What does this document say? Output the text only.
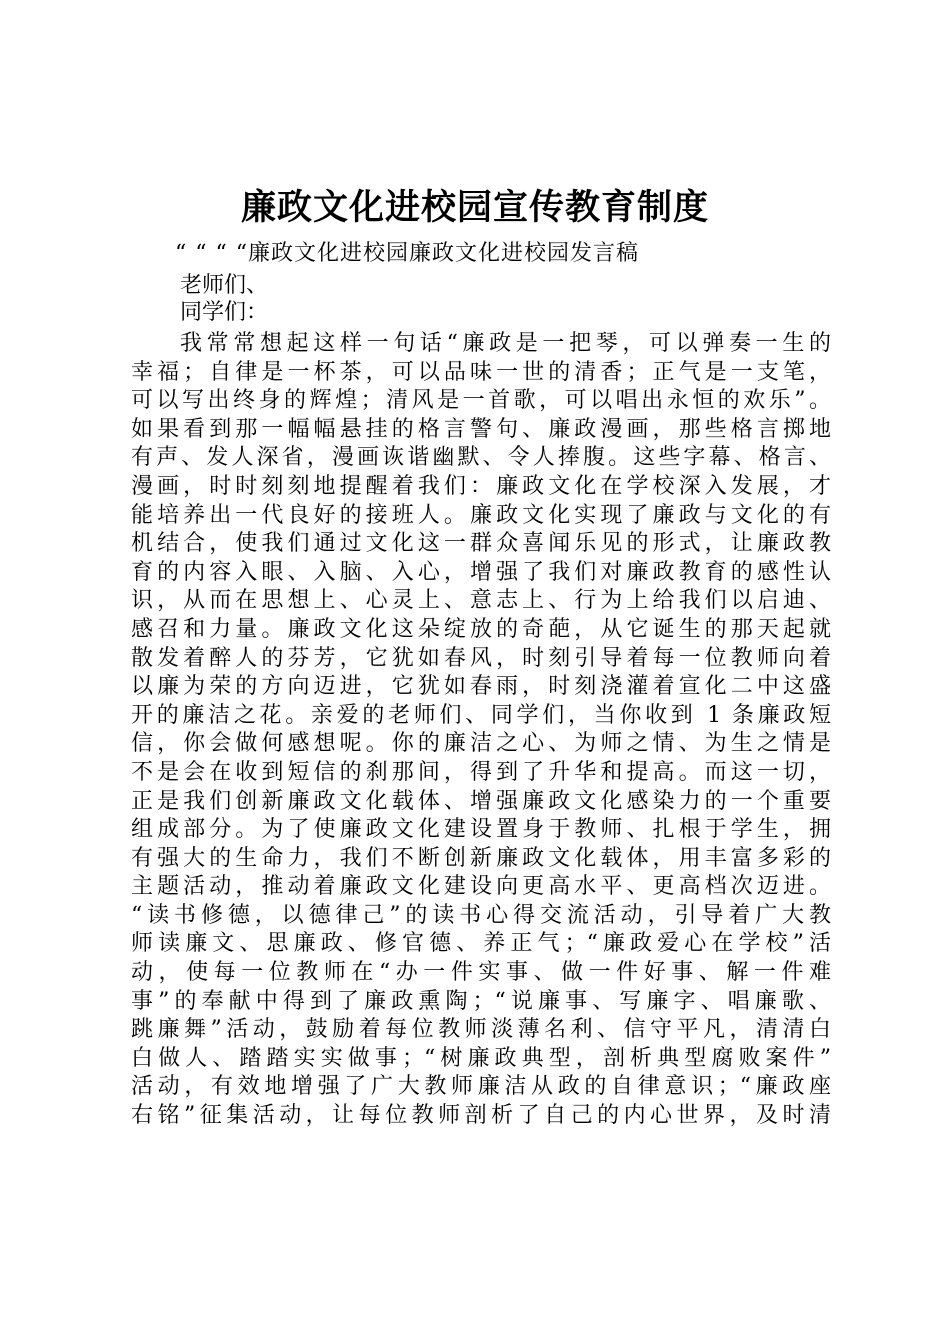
廉政文化进校园宣传教育制度

“ “ “ “廉政文化进校园廉政文化进校园发言稿

老师们、

同学们：

我常常想起这样一句话“廉政是一把琴，可以弹奏一生的
幸福；自律是一杯茶，可以品味一世的清香；正气是一支笔，
可以写出终身的辉煌；清风是一首歌，可以唱出永恒的欢乐”。
如果看到那一幅幅悬挂的格言警句、廉政漫画，那些格言掷地
有声、发人深省，漫画诙谐幽默、令人捧腹。这些字幕、格言、
漫画，时时刻刻地提醒着我们：廉政文化在学校深入发展，才
能培养出一代良好的接班人。廉政文化实现了廉政与文化的有
机结合，使我们通过文化这一群众喜闻乐见的形式，让廉政教
育的内容入眼、入脑、入心，增强了我们对廉政教育的感性认
识，从而在思想上、心灵上、意志上、行为上给我们以启迪、
感召和力量。廉政文化这朵绽放的奇葩，从它诞生的那天起就
散发着醉人的芬芳，它犹如春风，时刻引导着每一位教师向着
以廉为荣的方向迈进，它犹如春雨，时刻浇灌着宣化二中这盛
开的廉洁之花。亲爱的老师们、同学们，当你收到 1 条廉政短
信，你会做何感想呢。你的廉洁之心、为师之情、为生之情是
不是会在收到短信的刹那间，得到了升华和提高。而这一切，
正是我们创新廉政文化载体、增强廉政文化感染力的一个重要
组成部分。为了使廉政文化建设置身于教师、扎根于学生，拥
有强大的生命力，我们不断创新廉政文化载体，用丰富多彩的
主题活动，推动着廉政文化建设向更高水平、更高档次迈进。
“读书修德，以德律己”的读书心得交流活动，引导着广大教
师读廉文、思廉政、修官德、养正气；“廉政爱心在学校”活
动，使每一位教师在“办一件实事、做一件好事、解一件难
事”的奉献中得到了廉政熏陶；“说廉事、写廉字、唱廉歌、
跳廉舞”活动，鼓励着每位教师淡薄名利、信守平凡，清清白
白做人、踏踏实实做事；“树廉政典型，剖析典型腐败案件”
活动，有效地增强了广大教师廉洁从政的自律意识；“廉政座
右铭”征集活动，让每位教师剖析了自己的内心世界，及时清
